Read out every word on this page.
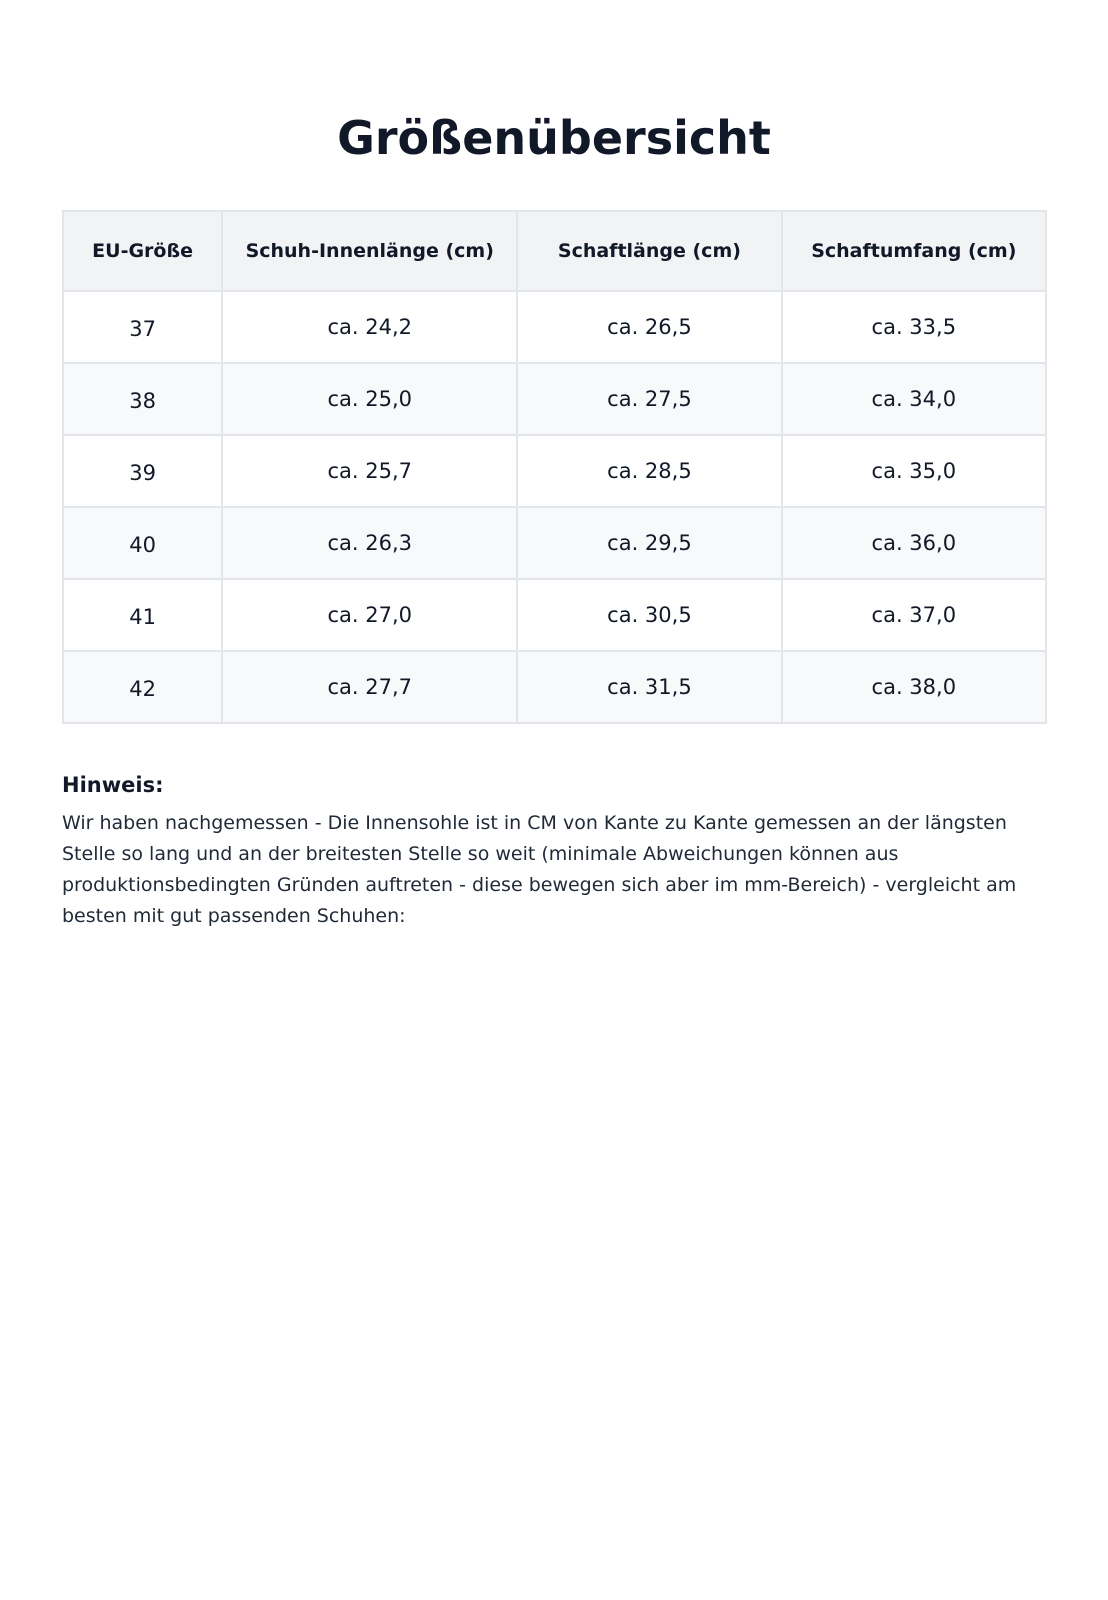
Größenübersicht
EU-Größe	Schuh-Innenlänge (cm)	Schaftlänge (cm)	Schaftumfang (cm)
37	ca. 24,2	ca. 26,5	ca. 33,5
38	ca. 25,0	ca. 27,5	ca. 34,0
39	ca. 25,7	ca. 28,5	ca. 35,0
40	ca. 26,3	ca. 29,5	ca. 36,0
41	ca. 27,0	ca. 30,5	ca. 37,0
42	ca. 27,7	ca. 31,5	ca. 38,0
Hinweis:

Wir haben nachgemessen - Die Innensohle ist in CM von Kante zu Kante gemessen an der längsten Stelle so lang und an der breitesten Stelle so weit (minimale Abweichungen können aus produktionsbedingten Gründen auftreten - diese bewegen sich aber im mm-Bereich) - vergleicht am besten mit gut passenden Schuhen:
